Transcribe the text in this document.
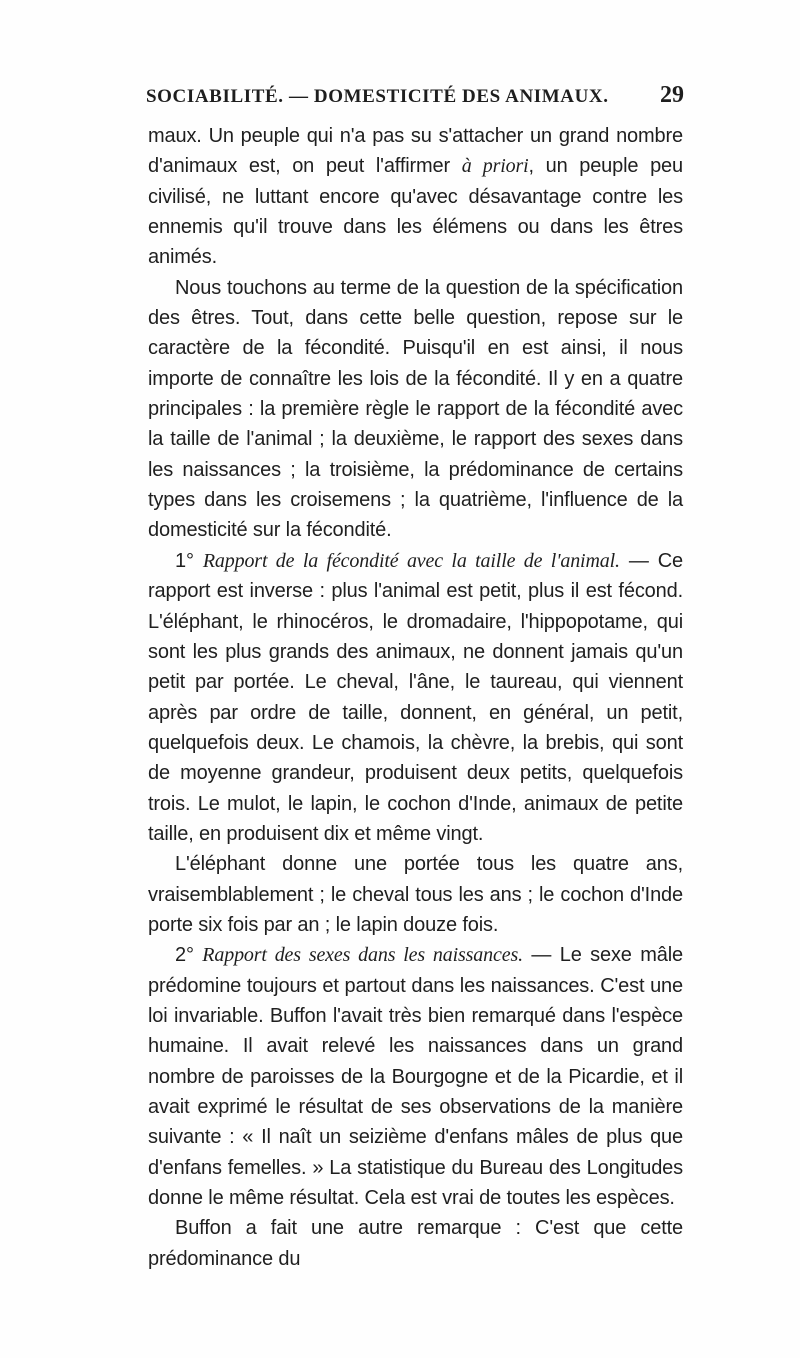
SOCIABILITÉ. — DOMESTICITÉ DES ANIMAUX. 29

maux. Un peuple qui n'a pas su s'attacher un grand nombre d'animaux est, on peut l'affirmer à priori, un peuple peu civilisé, ne luttant encore qu'avec désavantage contre les ennemis qu'il trouve dans les élémens ou dans les êtres animés.

Nous touchons au terme de la question de la spécification des êtres. Tout, dans cette belle question, repose sur le caractère de la fécondité. Puisqu'il en est ainsi, il nous importe de connaître les lois de la fécondité. Il y en a quatre principales : la première règle le rapport de la fécondité avec la taille de l'animal ; la deuxième, le rapport des sexes dans les naissances ; la troisième, la prédominance de certains types dans les croisemens ; la quatrième, l'influence de la domesticité sur la fécondité.

1° Rapport de la fécondité avec la taille de l'animal. — Ce rapport est inverse : plus l'animal est petit, plus il est fécond. L'éléphant, le rhinocéros, le dromadaire, l'hippopotame, qui sont les plus grands des animaux, ne donnent jamais qu'un petit par portée. Le cheval, l'âne, le taureau, qui viennent après par ordre de taille, donnent, en général, un petit, quelquefois deux. Le chamois, la chèvre, la brebis, qui sont de moyenne grandeur, produisent deux petits, quelquefois trois. Le mulot, le lapin, le cochon d'Inde, animaux de petite taille, en produisent dix et même vingt.

L'éléphant donne une portée tous les quatre ans, vraisemblablement ; le cheval tous les ans ; le cochon d'Inde porte six fois par an ; le lapin douze fois.

2° Rapport des sexes dans les naissances. — Le sexe mâle prédomine toujours et partout dans les naissances. C'est une loi invariable. Buffon l'avait très bien remarqué dans l'espèce humaine. Il avait relevé les naissances dans un grand nombre de paroisses de la Bourgogne et de la Picardie, et il avait exprimé le résultat de ses observations de la manière suivante : « Il naît un seizième d'enfans mâles de plus que d'enfans femelles. » La statistique du Bureau des Longitudes donne le même résultat. Cela est vrai de toutes les espèces.

Buffon a fait une autre remarque : C'est que cette prédominance du
